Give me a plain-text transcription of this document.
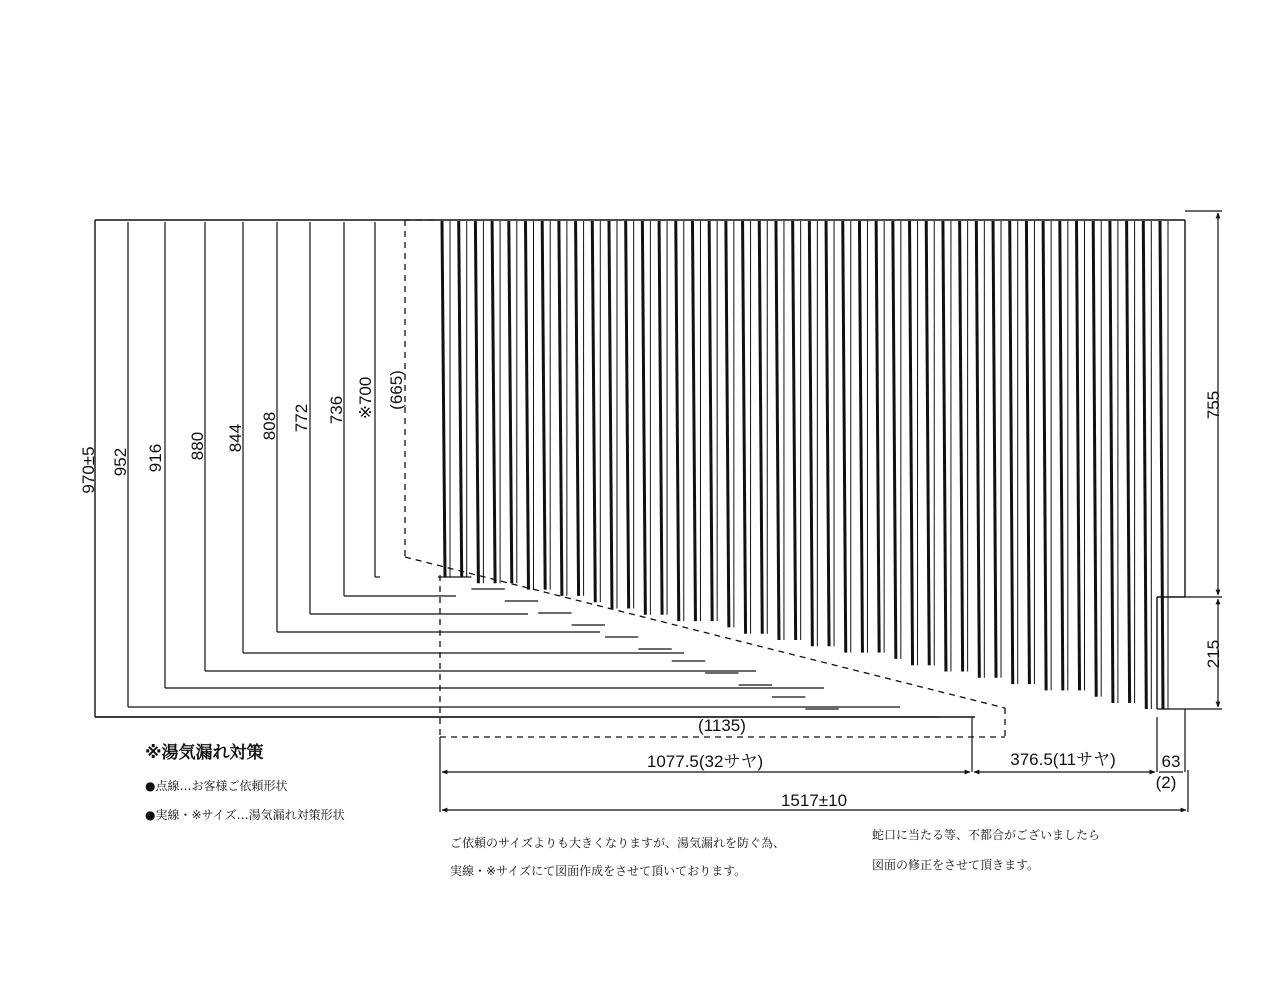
970±5 952 916 880 844 808 772 736 ※700 (665)	755
215
(1135)
1077.5(32サヤ)	376.5(11サヤ)	63
(2)
1517±10
※湯気漏れ対策
●点線…お客様ご依頼形状
●実線・※サイズ…湯気漏れ対策形状
ご依頼のサイズよりも大きくなりますが、湯気漏れを防ぐ為、
実線・※サイズにて図面作成をさせて頂いております。
蛇口に当たる等、不都合がございましたら
図面の修正をさせて頂きます。
